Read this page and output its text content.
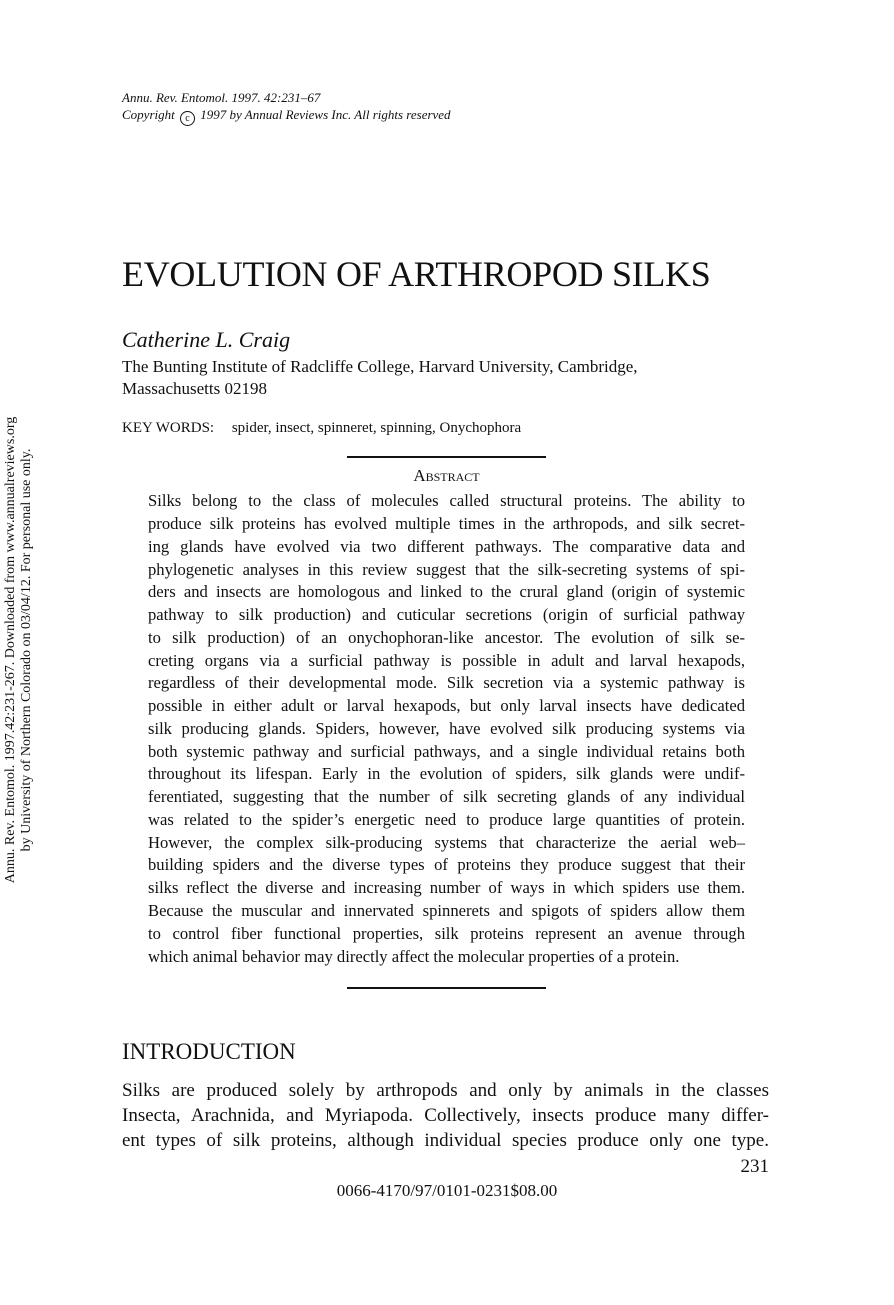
Annu. Rev. Entomol. 1997.42:231-267. Downloaded from www.annualreviews.org by University of Northern Colorado on 03/04/12. For personal use only.
Annu. Rev. Entomol. 1997. 42:231–67
Copyright c 1997 by Annual Reviews Inc. All rights reserved
EVOLUTION OF ARTHROPOD SILKS
Catherine L. Craig
The Bunting Institute of Radcliffe College, Harvard University, Cambridge,
Massachusetts 02198
KEY WORDS: spider, insect, spinneret, spinning, Onychophora
Abstract
Silks belong to the class of molecules called structural proteins. The ability to
produce silk proteins has evolved multiple times in the arthropods, and silk secret-
ing glands have evolved via two different pathways. The comparative data and
phylogenetic analyses in this review suggest that the silk-secreting systems of spi-
ders and insects are homologous and linked to the crural gland (origin of systemic
pathway to silk production) and cuticular secretions (origin of surficial pathway
to silk production) of an onychophoran-like ancestor. The evolution of silk se-
creting organs via a surficial pathway is possible in adult and larval hexapods,
regardless of their developmental mode. Silk secretion via a systemic pathway is
possible in either adult or larval hexapods, but only larval insects have dedicated
silk producing glands. Spiders, however, have evolved silk producing systems via
both systemic pathway and surficial pathways, and a single individual retains both
throughout its lifespan. Early in the evolution of spiders, silk glands were undif-
ferentiated, suggesting that the number of silk secreting glands of any individual
was related to the spider’s energetic need to produce large quantities of protein.
However, the complex silk-producing systems that characterize the aerial web–
building spiders and the diverse types of proteins they produce suggest that their
silks reflect the diverse and increasing number of ways in which spiders use them.
Because the muscular and innervated spinnerets and spigots of spiders allow them
to control fiber functional properties, silk proteins represent an avenue through
which animal behavior may directly affect the molecular properties of a protein.
INTRODUCTION
Silks are produced solely by arthropods and only by animals in the classes
Insecta, Arachnida, and Myriapoda. Collectively, insects produce many differ-
ent types of silk proteins, although individual species produce only one type.
231
0066-4170/97/0101-0231$08.00
